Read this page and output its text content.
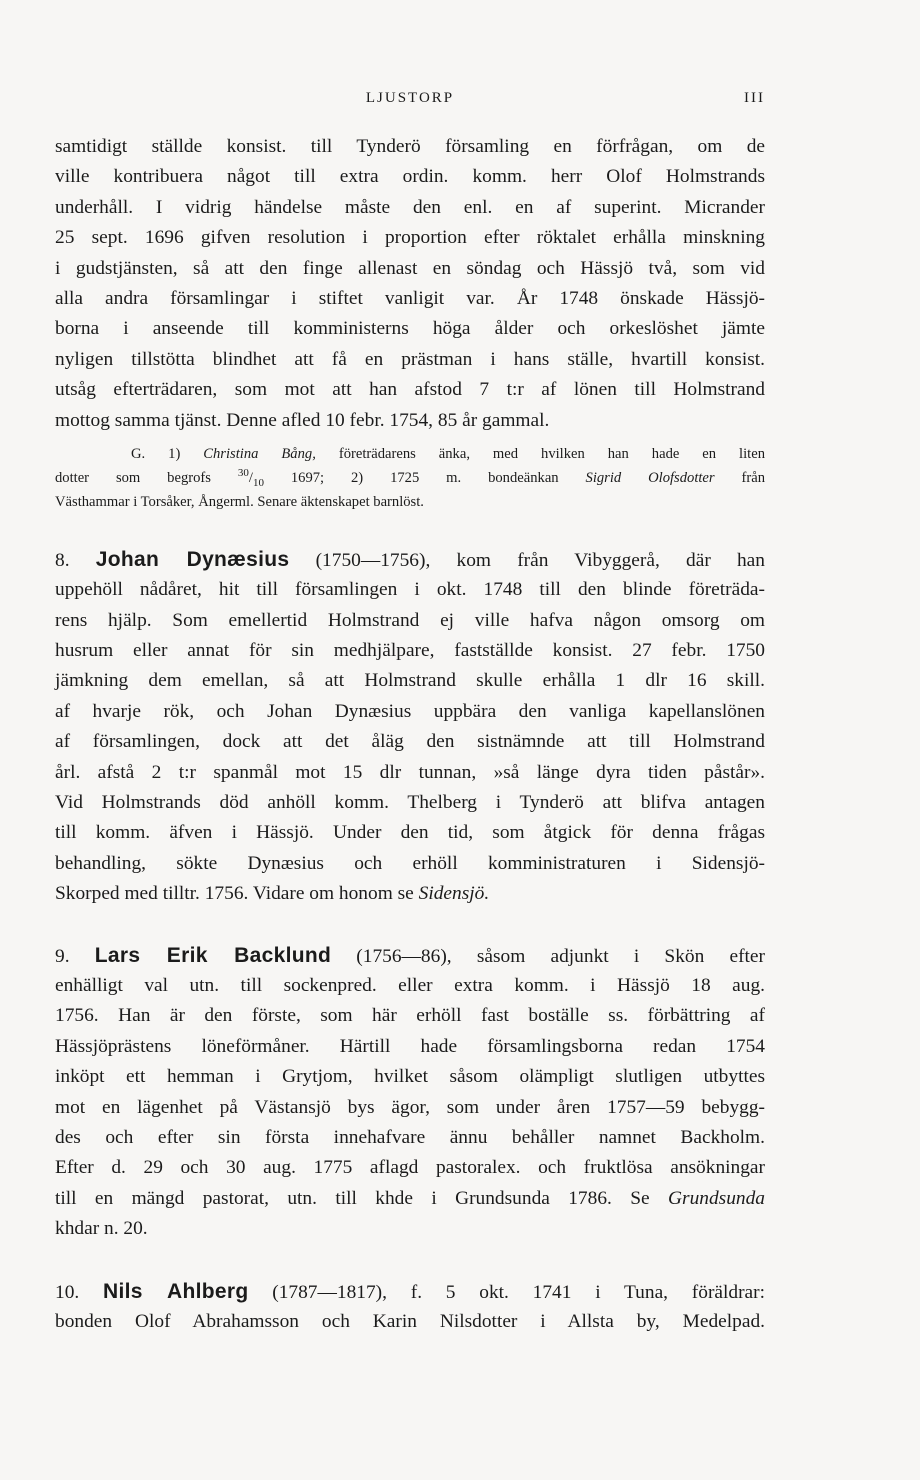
LJUSTORP	III
samtidigt ställde konsist. till Tynderö församling en förfrågan, om de
ville kontribuera något till extra ordin. komm. herr Olof Holmstrands
underhåll. I vidrig händelse måste den enl. en af superint. Micrander
25 sept. 1696 gifven resolution i proportion efter röktalet erhålla minskning
i gudstjänsten, så att den finge allenast en söndag och Hässjö två, som vid
alla andra församlingar i stiftet vanligit var. År 1748 önskade Hässjö-
borna i anseende till komministerns höga ålder och orkeslöshet jämte
nyligen tillstötta blindhet att få en prästman i hans ställe, hvartill konsist.
utsåg efterträdaren, som mot att han afstod 7 t:r af lönen till Holmstrand
mottog samma tjänst. Denne afled 10 febr. 1754, 85 år gammal.
G. 1) Christina Bång, företrädarens änka, med hvilken han hade en liten
dotter som begrofs $^{30}/_{10}$ 1697; 2) 1725 m. bondeänkan Sigrid Olofsdotter från
Västhammar i Torsåker, Ångerml. Senare äktenskapet barnlöst.
8. Johan Dynæsius (1750—1756), kom från Vibyggerå, där han
uppehöll nådåret, hit till församlingen i okt. 1748 till den blinde företräda-
rens hjälp. Som emellertid Holmstrand ej ville hafva någon omsorg om
husrum eller annat för sin medhjälpare, fastställde konsist. 27 febr. 1750
jämkning dem emellan, så att Holmstrand skulle erhålla 1 dlr 16 skill.
af hvarje rök, och Johan Dynæsius uppbära den vanliga kapellanslönen
af församlingen, dock att det åläg den sistnämnde att till Holmstrand
årl. afstå 2 t:r spanmål mot 15 dlr tunnan, »så länge dyra tiden påstår».
Vid Holmstrands död anhöll komm. Thelberg i Tynderö att blifva antagen
till komm. äfven i Hässjö. Under den tid, som åtgick för denna frågas
behandling, sökte Dynæsius och erhöll komministraturen i Sidensjö-
Skorped med tilltr. 1756. Vidare om honom se Sidensjö.
9. Lars Erik Backlund (1756—86), såsom adjunkt i Skön efter
enhälligt val utn. till sockenpred. eller extra komm. i Hässjö 18 aug.
1756. Han är den förste, som här erhöll fast boställe ss. förbättring af
Hässjöprästens löneförmåner. Härtill hade församlingsborna redan 1754
inköpt ett hemman i Grytjom, hvilket såsom olämpligt slutligen utbyttes
mot en lägenhet på Västansjö bys ägor, som under åren 1757—59 bebygg-
des och efter sin första innehafvare ännu behåller namnet Backholm.
Efter d. 29 och 30 aug. 1775 aflagd pastoralex. och fruktlösa ansökningar
till en mängd pastorat, utn. till khde i Grundsunda 1786. Se Grundsunda
khdar n. 20.
10. Nils Ahlberg (1787—1817), f. 5 okt. 1741 i Tuna, föräldrar:
bonden Olof Abrahamsson och Karin Nilsdotter i Allsta by, Medelpad.
